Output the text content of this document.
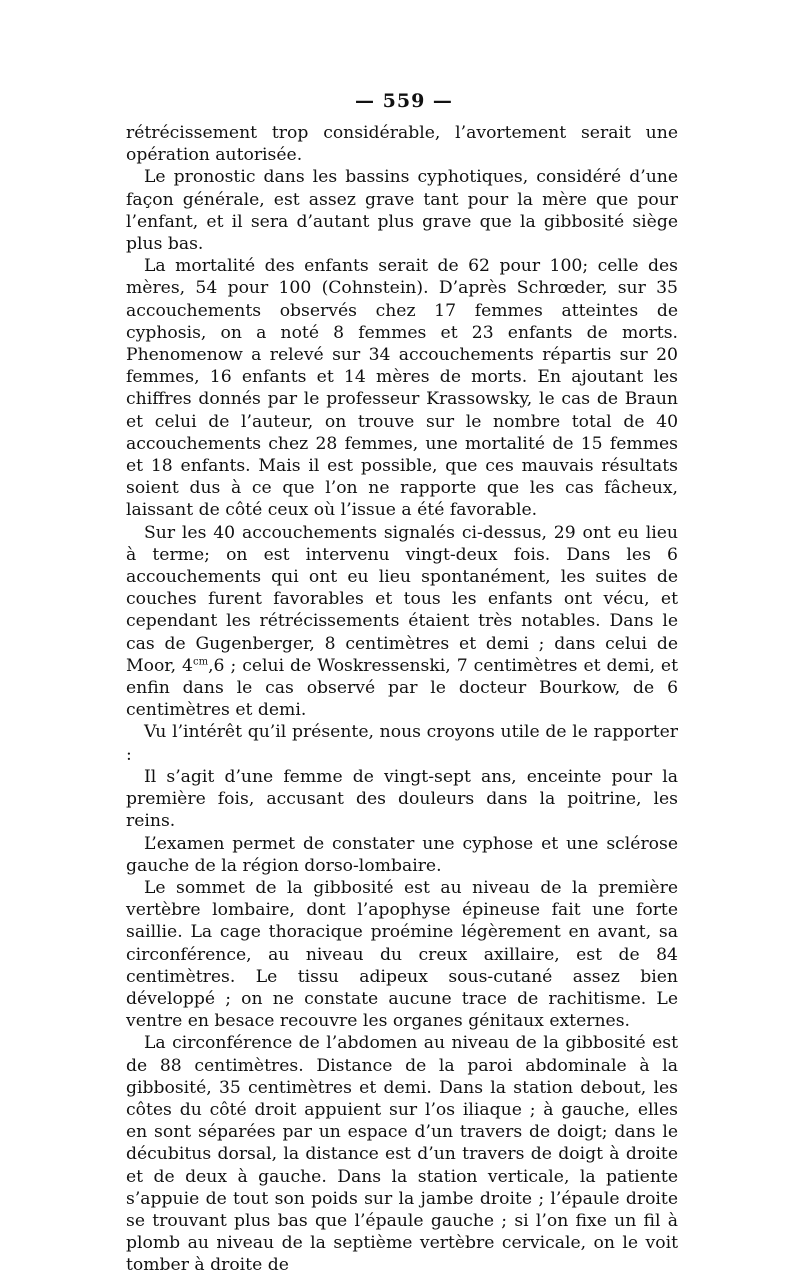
— 559 —

rétrécissement trop considérable, l’avortement serait une opération autorisée.

Le pronostic dans les bassins cyphotiques, considéré d’une façon générale, est assez grave tant pour la mère que pour l’enfant, et il sera d’autant plus grave que la gibbosité siège plus bas.

La mortalité des enfants serait de 62 pour 100; celle des mères, 54 pour 100 (Cohnstein). D’après Schrœder, sur 35 accouchements observés chez 17 femmes atteintes de cyphosis, on a noté 8 femmes et 23 enfants de morts. Phenomenow a relevé sur 34 accouchements répartis sur 20 femmes, 16 enfants et 14 mères de morts. En ajoutant les chiffres donnés par le professeur Krassowsky, le cas de Braun et celui de l’auteur, on trouve sur le nombre total de 40 accouchements chez 28 femmes, une mortalité de 15 femmes et 18 enfants. Mais il est possible, que ces mauvais résultats soient dus à ce que l’on ne rapporte que les cas fâcheux, laissant de côté ceux où l’issue a été favorable.

Sur les 40 accouchements signalés ci-dessus, 29 ont eu lieu à terme; on est intervenu vingt-deux fois. Dans les 6 accouchements qui ont eu lieu spontanément, les suites de couches furent favorables et tous les enfants ont vécu, et cependant les rétrécissements étaient très notables. Dans le cas de Gugenberger, 8 centimètres et demi ; dans celui de Moor, $4^{cm},6$ ; celui de Woskressenski, 7 centimètres et demi, et enfin dans le cas observé par le docteur Bourkow, de 6 centimètres et demi.

Vu l’intérêt qu’il présente, nous croyons utile de le rapporter :

Il s’agit d’une femme de vingt-sept ans, enceinte pour la première fois, accusant des douleurs dans la poitrine, les reins.

L’examen permet de constater une cyphose et une sclérose gauche de la région dorso-lombaire.

Le sommet de la gibbosité est au niveau de la première vertèbre lombaire, dont l’apophyse épineuse fait une forte saillie. La cage thoracique proémine légèrement en avant, sa circonférence, au niveau du creux axillaire, est de 84 centimètres. Le tissu adipeux sous-cutané assez bien développé ; on ne constate aucune trace de rachitisme. Le ventre en besace recouvre les organes génitaux externes.

La circonférence de l’abdomen au niveau de la gibbosité est de 88 centimètres. Distance de la paroi abdominale à la gibbosité, 35 centimètres et demi. Dans la station debout, les côtes du côté droit appuient sur l’os iliaque ; à gauche, elles en sont séparées par un espace d’un travers de doigt; dans le décubitus dorsal, la distance est d’un travers de doigt à droite et de deux à gauche. Dans la station verticale, la patiente s’appuie de tout son poids sur la jambe droite ; l’épaule droite se trouvant plus bas que l’épaule gauche ; si l’on fixe un fil à plomb au niveau de la septième vertèbre cervicale, on le voit tomber à droite de
